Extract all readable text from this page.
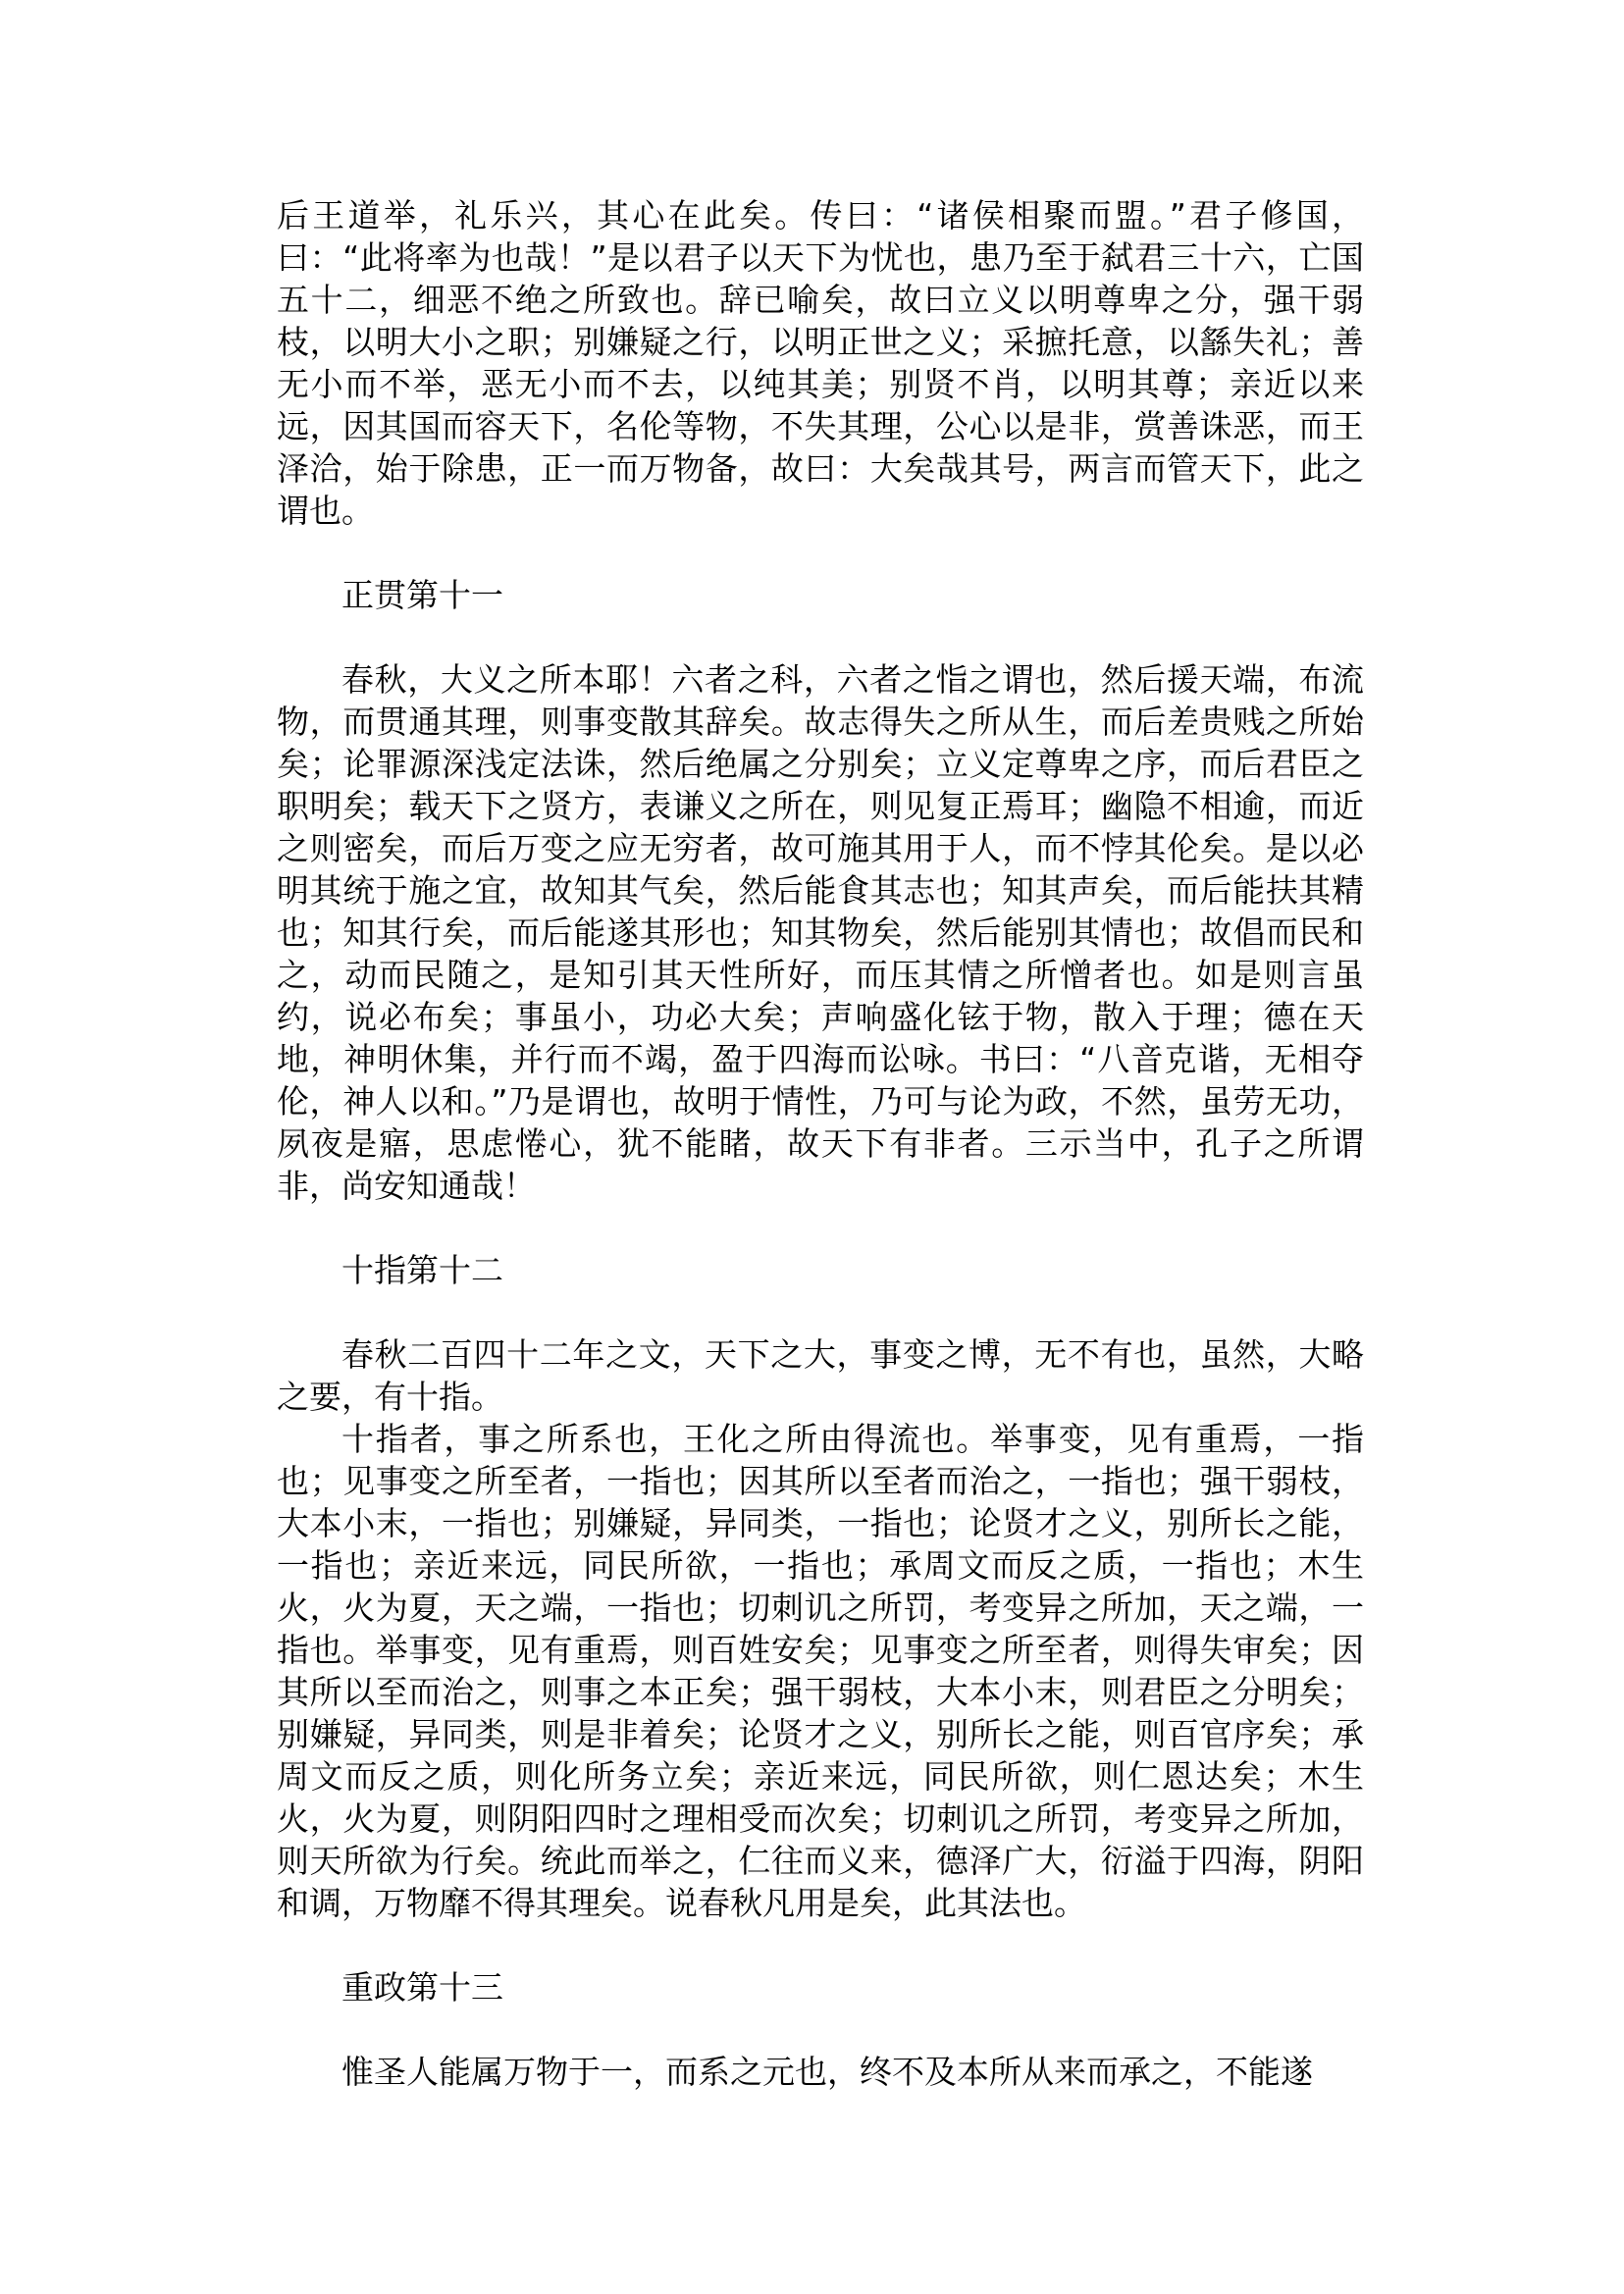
后王道举，礼乐兴，其心在此矣。传曰：“诸侯相聚而盟。”君子修国，曰：“此将率为也哉！”是以君子以天下为忧也，患乃至于弑君三十六，亡国五十二，细恶不绝之所致也。辞已喻矣，故曰立义以明尊卑之分，强干弱枝，以明大小之职；别嫌疑之行，以明正世之义；采摭托意，以䌛失礼；善无小而不举，恶无小而不去，以纯其美；别贤不肖，以明其尊；亲近以来远，因其国而容天下，名伦等物，不失其理，公心以是非，赏善诛恶，而王泽洽，始于除患，正一而万物备，故曰：大矣哉其号，两言而管天下，此之谓也。

正贯第十一

春秋，大义之所本耶！六者之科，六者之恉之谓也，然后援天端，布流物，而贯通其理，则事变散其辞矣。故志得失之所从生，而后差贵贱之所始矣；论罪源深浅定法诛，然后绝属之分别矣；立义定尊卑之序，而后君臣之职明矣；载天下之贤方，表谦义之所在，则见复正焉耳；幽隐不相逾，而近之则密矣，而后万变之应无穷者，故可施其用于人，而不悖其伦矣。是以必明其统于施之宜，故知其气矣，然后能食其志也；知其声矣，而后能扶其精也；知其行矣，而后能遂其形也；知其物矣，然后能别其情也；故倡而民和之，动而民随之，是知引其天性所好，而压其情之所憎者也。如是则言虽约，说必布矣；事虽小，功必大矣；声响盛化铉于物，散入于理；德在天地，神明休集，并行而不竭，盈于四海而讼咏。书曰：“八音克谐，无相夺伦，神人以和。”乃是谓也，故明于情性，乃可与论为政，不然，虽劳无功，夙夜是寤，思虑惓心，犹不能睹，故天下有非者。三示当中，孔子之所谓非，尚安知通哉！

十指第十二

春秋二百四十二年之文，天下之大，事变之博，无不有也，虽然，大略之要，有十指。

十指者，事之所系也，王化之所由得流也。举事变，见有重焉，一指也；见事变之所至者，一指也；因其所以至者而治之，一指也；强干弱枝，大本小末，一指也；别嫌疑，异同类，一指也；论贤才之义，别所长之能，一指也；亲近来远，同民所欲，一指也；承周文而反之质，一指也；木生火，火为夏，天之端，一指也；切刺讥之所罚，考变异之所加，天之端，一指也。举事变，见有重焉，则百姓安矣；见事变之所至者，则得失审矣；因其所以至而治之，则事之本正矣；强干弱枝，大本小末，则君臣之分明矣；别嫌疑，异同类，则是非着矣；论贤才之义，别所长之能，则百官序矣；承周文而反之质，则化所务立矣；亲近来远，同民所欲，则仁恩达矣；木生火，火为夏，则阴阳四时之理相受而次矣；切刺讥之所罚，考变异之所加，则天所欲为行矣。统此而举之，仁往而义来，德泽广大，衍溢于四海，阴阳和调，万物靡不得其理矣。说春秋凡用是矣，此其法也。

重政第十三

惟圣人能属万物于一，而系之元也，终不及本所从来而承之，不能遂
